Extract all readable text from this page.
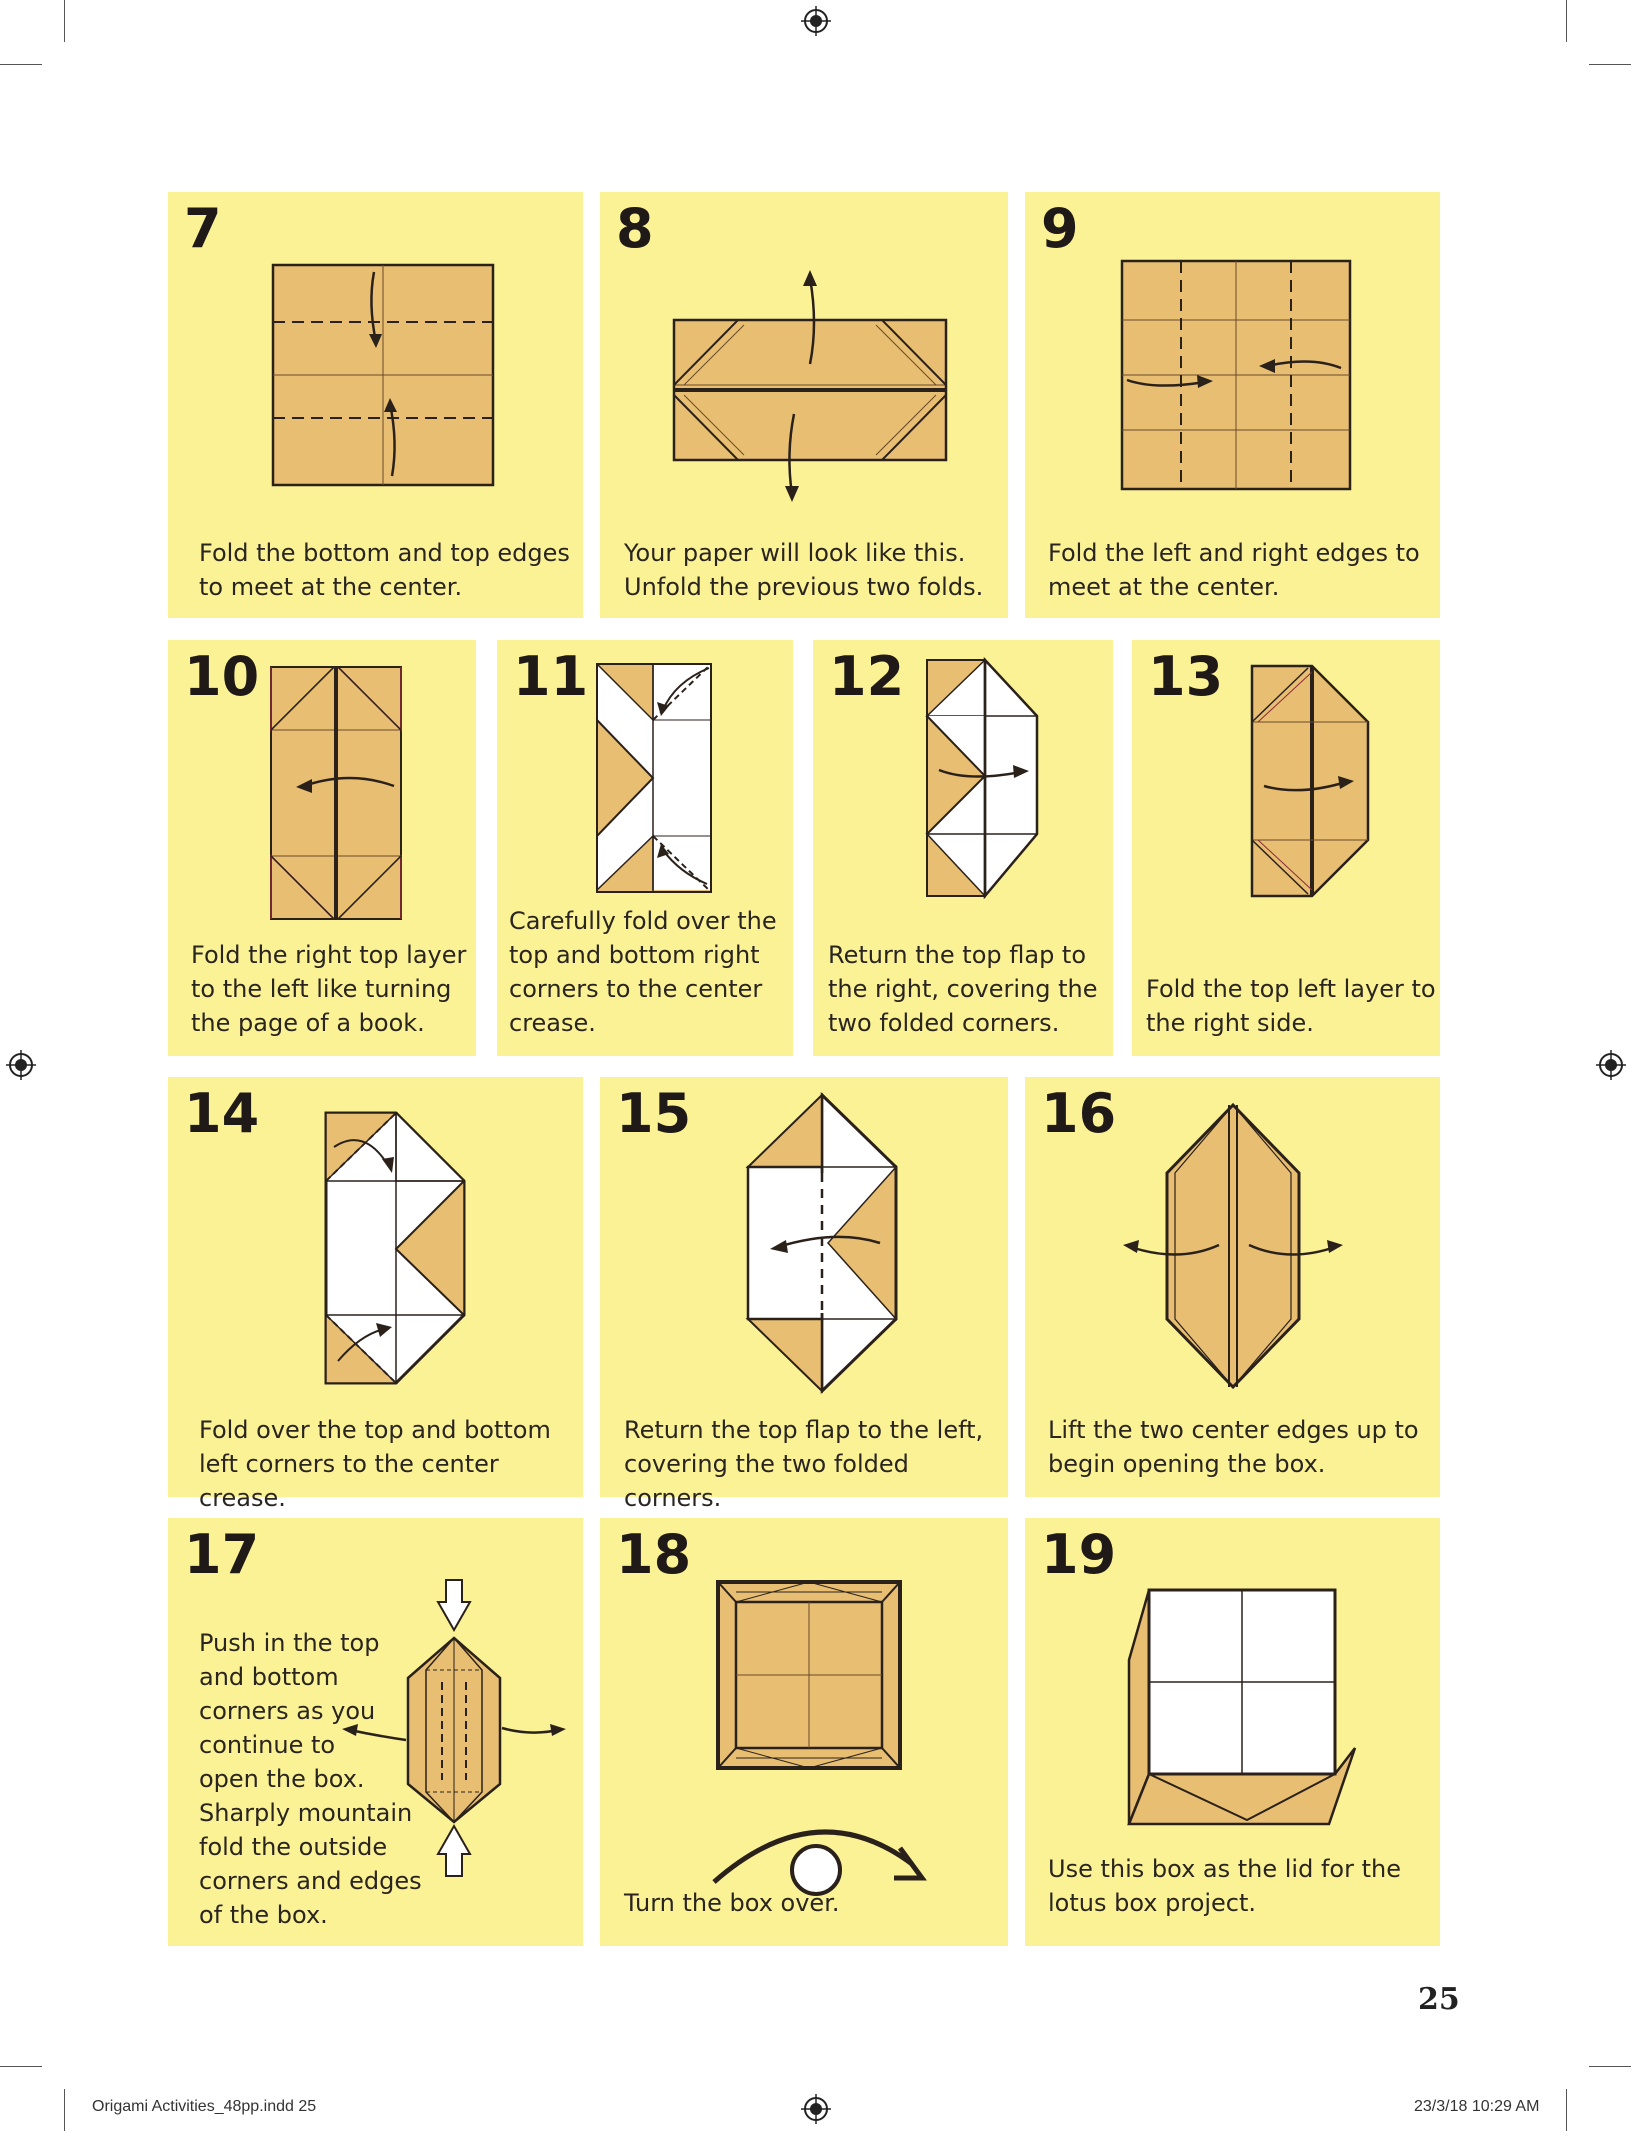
7
Fold the bottom and top edges
to meet at the center.
8
Your paper will look like this.
Unfold the previous two folds.
9
Fold the left and right edges to
meet at the center.
10
Fold the right top layer
to the left like turning
the page of a book.
11
Carefully fold over the
top and bottom right
corners to the center
crease.
12
Return the top flap to
the right, covering the
two folded corners.
13
Fold the top left layer to
the right side.
14
Fold over the top and bottom
left corners to the center crease.
15
Return the top flap to the left,
covering the two folded corners.
16
Lift the two center edges up to
begin opening the box.
17
Push in the top
and bottom
corners as you
continue to
open the box.
Sharply mountain
fold the outside
corners and edges
of the box.
18
Turn the box over.
19
Use this box as the lid for the
lotus box project.
25
Origami Activities_48pp.indd 25	23/3/18 10:29 AM
